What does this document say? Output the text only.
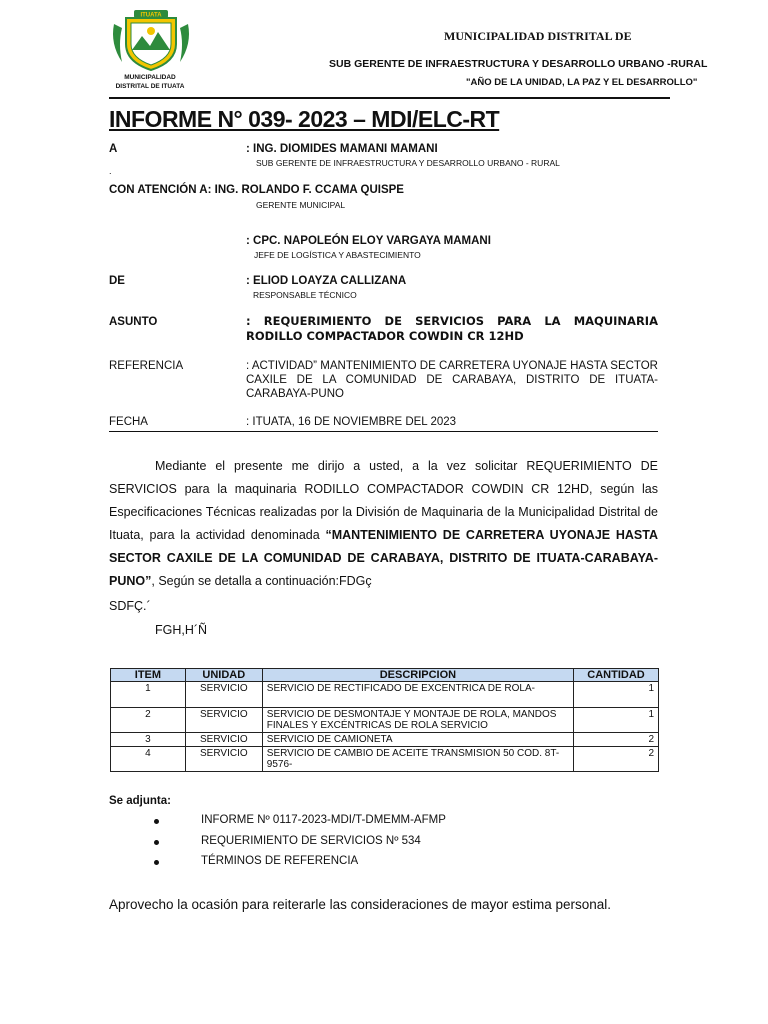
ITUATA
MUNICIPALIDAD
DISTRITAL DE ITUATA
MUNICIPALIDAD DISTRITAL DE
SUB GERENTE DE INFRAESTRUCTURA Y DESARROLLO URBANO -RURAL
"AÑO DE LA UNIDAD, LA PAZ Y EL DESARROLLO"
INFORME N° 039- 2023 – MDI/ELC-RT
A	: ING. DIOMIDES MAMANI MAMANI
SUB GERENTE DE INFRAESTRUCTURA Y DESARROLLO URBANO - RURAL
.
CON ATENCIÓN A: ING. ROLANDO F. CCAMA QUISPE
GERENTE MUNICIPAL
: CPC. NAPOLEÓN ELOY VARGAYA MAMANI
JEFE DE LOGÍSTICA Y ABASTECIMIENTO
DE	: ELIOD LOAYZA CALLIZANA
RESPONSABLE TÉCNICO
ASUNTO	: REQUERIMIENTO DE SERVICIOS PARA LA MAQUINARIA RODILLO COMPACTADOR COWDIN CR 12HD
REFERENCIA	: ACTIVIDAD” MANTENIMIENTO DE CARRETERA UYONAJE HASTA SECTOR CAXILE DE LA COMUNIDAD DE CARABAYA, DISTRITO DE ITUATA-CARABAYA-PUNO
FECHA	: ITUATA, 16 DE NOVIEMBRE DEL 2023
Mediante el presente me dirijo a usted, a la vez solicitar REQUERIMIENTO DE SERVICIOS para la maquinaria RODILLO COMPACTADOR COWDIN CR 12HD, según las Especificaciones Técnicas realizadas por la División de Maquinaria de la Municipalidad Distrital de Ituata, para la actividad denominada “MANTENIMIENTO DE CARRETERA UYONAJE HASTA SECTOR CAXILE DE LA COMUNIDAD DE CARABAYA, DISTRITO DE ITUATA-CARABAYA-PUNO”, Según se detalla a continuación:FDGç
SDFÇ.´
FGH,H´Ñ
ITEM	UNIDAD	DESCRIPCION	CANTIDAD
1	SERVICIO	SERVICIO DE RECTIFICADO DE EXCENTRICA DE ROLA-	1
2	SERVICIO	SERVICIO DE DESMONTAJE Y MONTAJE DE ROLA, MANDOS FINALES Y EXCÉNTRICAS DE ROLA SERVICIO	1
3	SERVICIO	SERVICIO DE CAMIONETA	2
4	SERVICIO	SERVICIO DE CAMBIO DE ACEITE TRANSMISION 50 COD. 8T-9576-	2
Se adjunta:
INFORME Nº 0117-2023-MDI/T-DMEMM-AFMP
REQUERIMIENTO DE SERVICIOS Nº 534
TÉRMINOS DE REFERENCIA
Aprovecho la ocasión para reiterarle las consideraciones de mayor estima personal.
